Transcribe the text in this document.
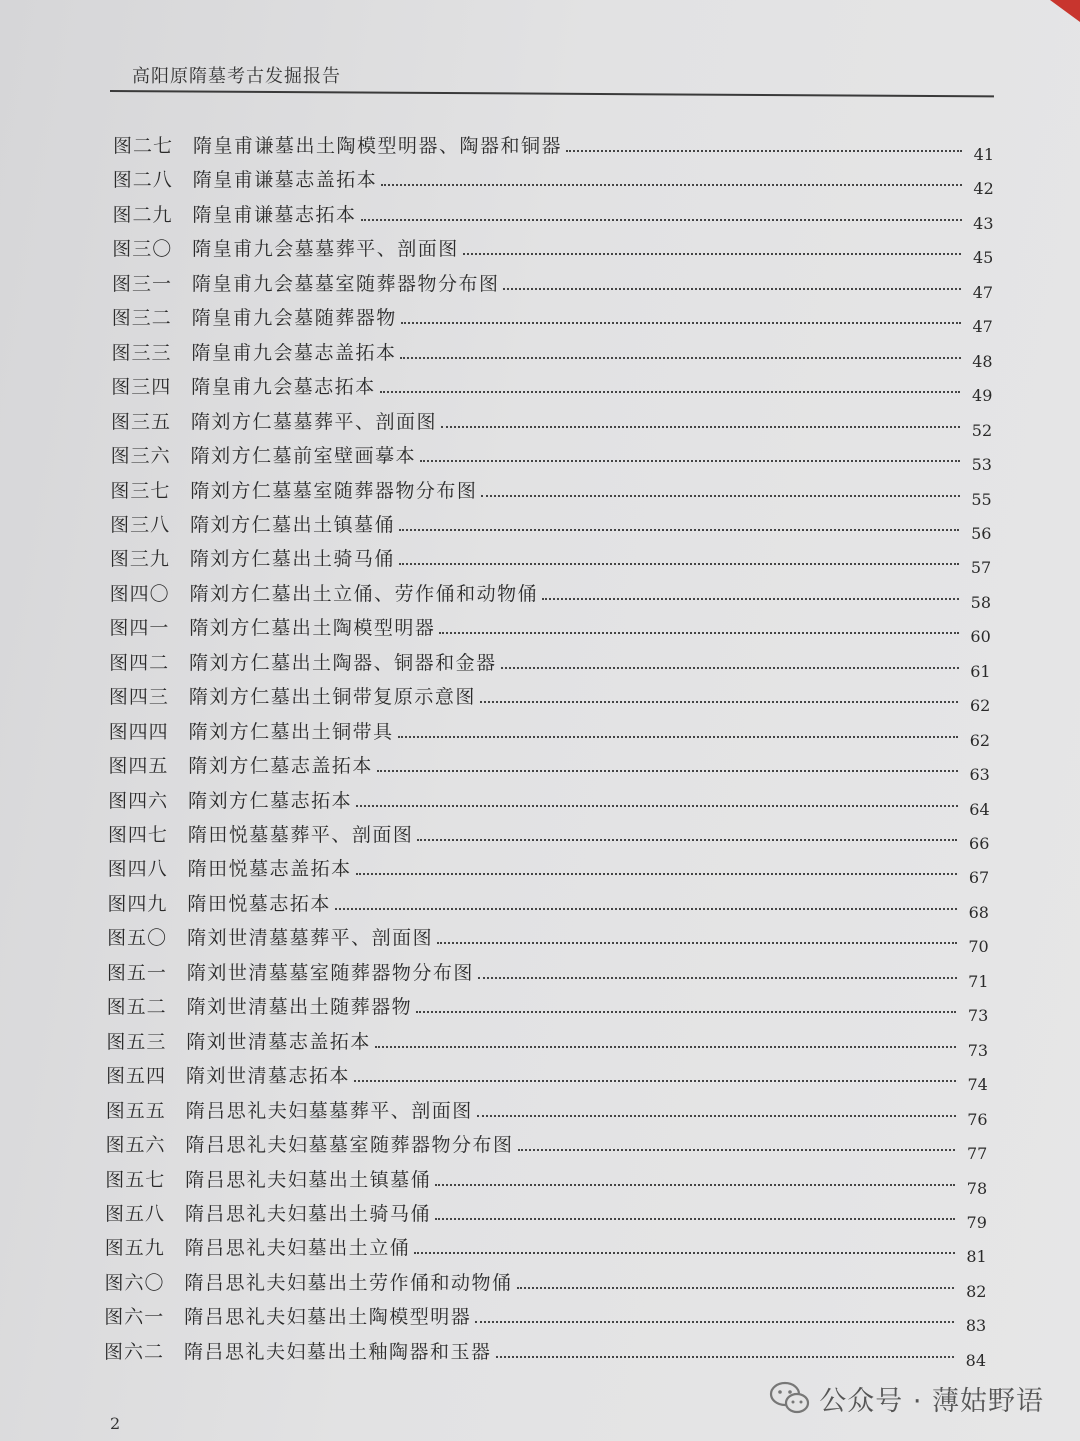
高阳原隋墓考古发掘报告
图二七	隋皇甫谦墓出土陶模型明器、陶器和铜器	41
图二八	隋皇甫谦墓志盖拓本	42
图二九	隋皇甫谦墓志拓本	43
图三〇	隋皇甫九会墓墓葬平、剖面图	45
图三一	隋皇甫九会墓墓室随葬器物分布图	47
图三二	隋皇甫九会墓随葬器物	47
图三三	隋皇甫九会墓志盖拓本	48
图三四	隋皇甫九会墓志拓本	49
图三五	隋刘方仁墓墓葬平、剖面图	52
图三六	隋刘方仁墓前室壁画摹本	53
图三七	隋刘方仁墓墓室随葬器物分布图	55
图三八	隋刘方仁墓出土镇墓俑	56
图三九	隋刘方仁墓出土骑马俑	57
图四〇	隋刘方仁墓出土立俑、劳作俑和动物俑	58
图四一	隋刘方仁墓出土陶模型明器	60
图四二	隋刘方仁墓出土陶器、铜器和金器	61
图四三	隋刘方仁墓出土铜带复原示意图	62
图四四	隋刘方仁墓出土铜带具	62
图四五	隋刘方仁墓志盖拓本	63
图四六	隋刘方仁墓志拓本	64
图四七	隋田悦墓墓葬平、剖面图	66
图四八	隋田悦墓志盖拓本	67
图四九	隋田悦墓志拓本	68
图五〇	隋刘世清墓墓葬平、剖面图	70
图五一	隋刘世清墓墓室随葬器物分布图	71
图五二	隋刘世清墓出土随葬器物	73
图五三	隋刘世清墓志盖拓本	73
图五四	隋刘世清墓志拓本	74
图五五	隋吕思礼夫妇墓墓葬平、剖面图	76
图五六	隋吕思礼夫妇墓墓室随葬器物分布图	77
图五七	隋吕思礼夫妇墓出土镇墓俑	78
图五八	隋吕思礼夫妇墓出土骑马俑	79
图五九	隋吕思礼夫妇墓出土立俑	81
图六〇	隋吕思礼夫妇墓出土劳作俑和动物俑	82
图六一	隋吕思礼夫妇墓出土陶模型明器	83
图六二	隋吕思礼夫妇墓出土釉陶器和玉器	84
2
公众号 · 薄姑野语
